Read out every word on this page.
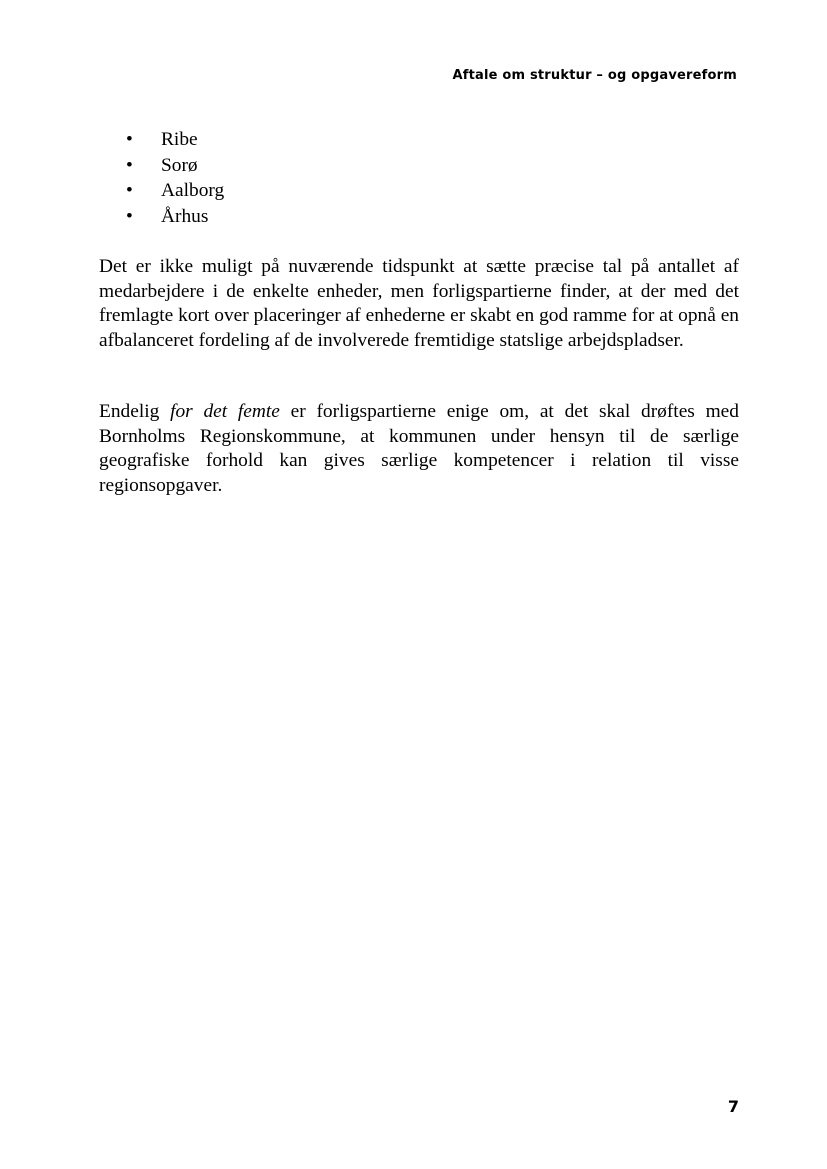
Aftale om struktur – og opgavereform
• Ribe
• Sorø
• Aalborg
• Århus

Det er ikke muligt på nuværende tidspunkt at sætte præcise tal på antallet af medarbejdere i de enkelte enheder, men forligspartierne finder, at der med det fremlagte kort over placeringer af enhederne er skabt en god ramme for at opnå en afbalanceret fordeling af de involverede fremtidige statslige arbejdspladser.

Endelig for det femte er forligspartierne enige om, at det skal drøftes med Bornholms Regionskommune, at kommunen under hensyn til de særlige geografiske forhold kan gives særlige kompetencer i relation til visse regionsopgaver.

7
